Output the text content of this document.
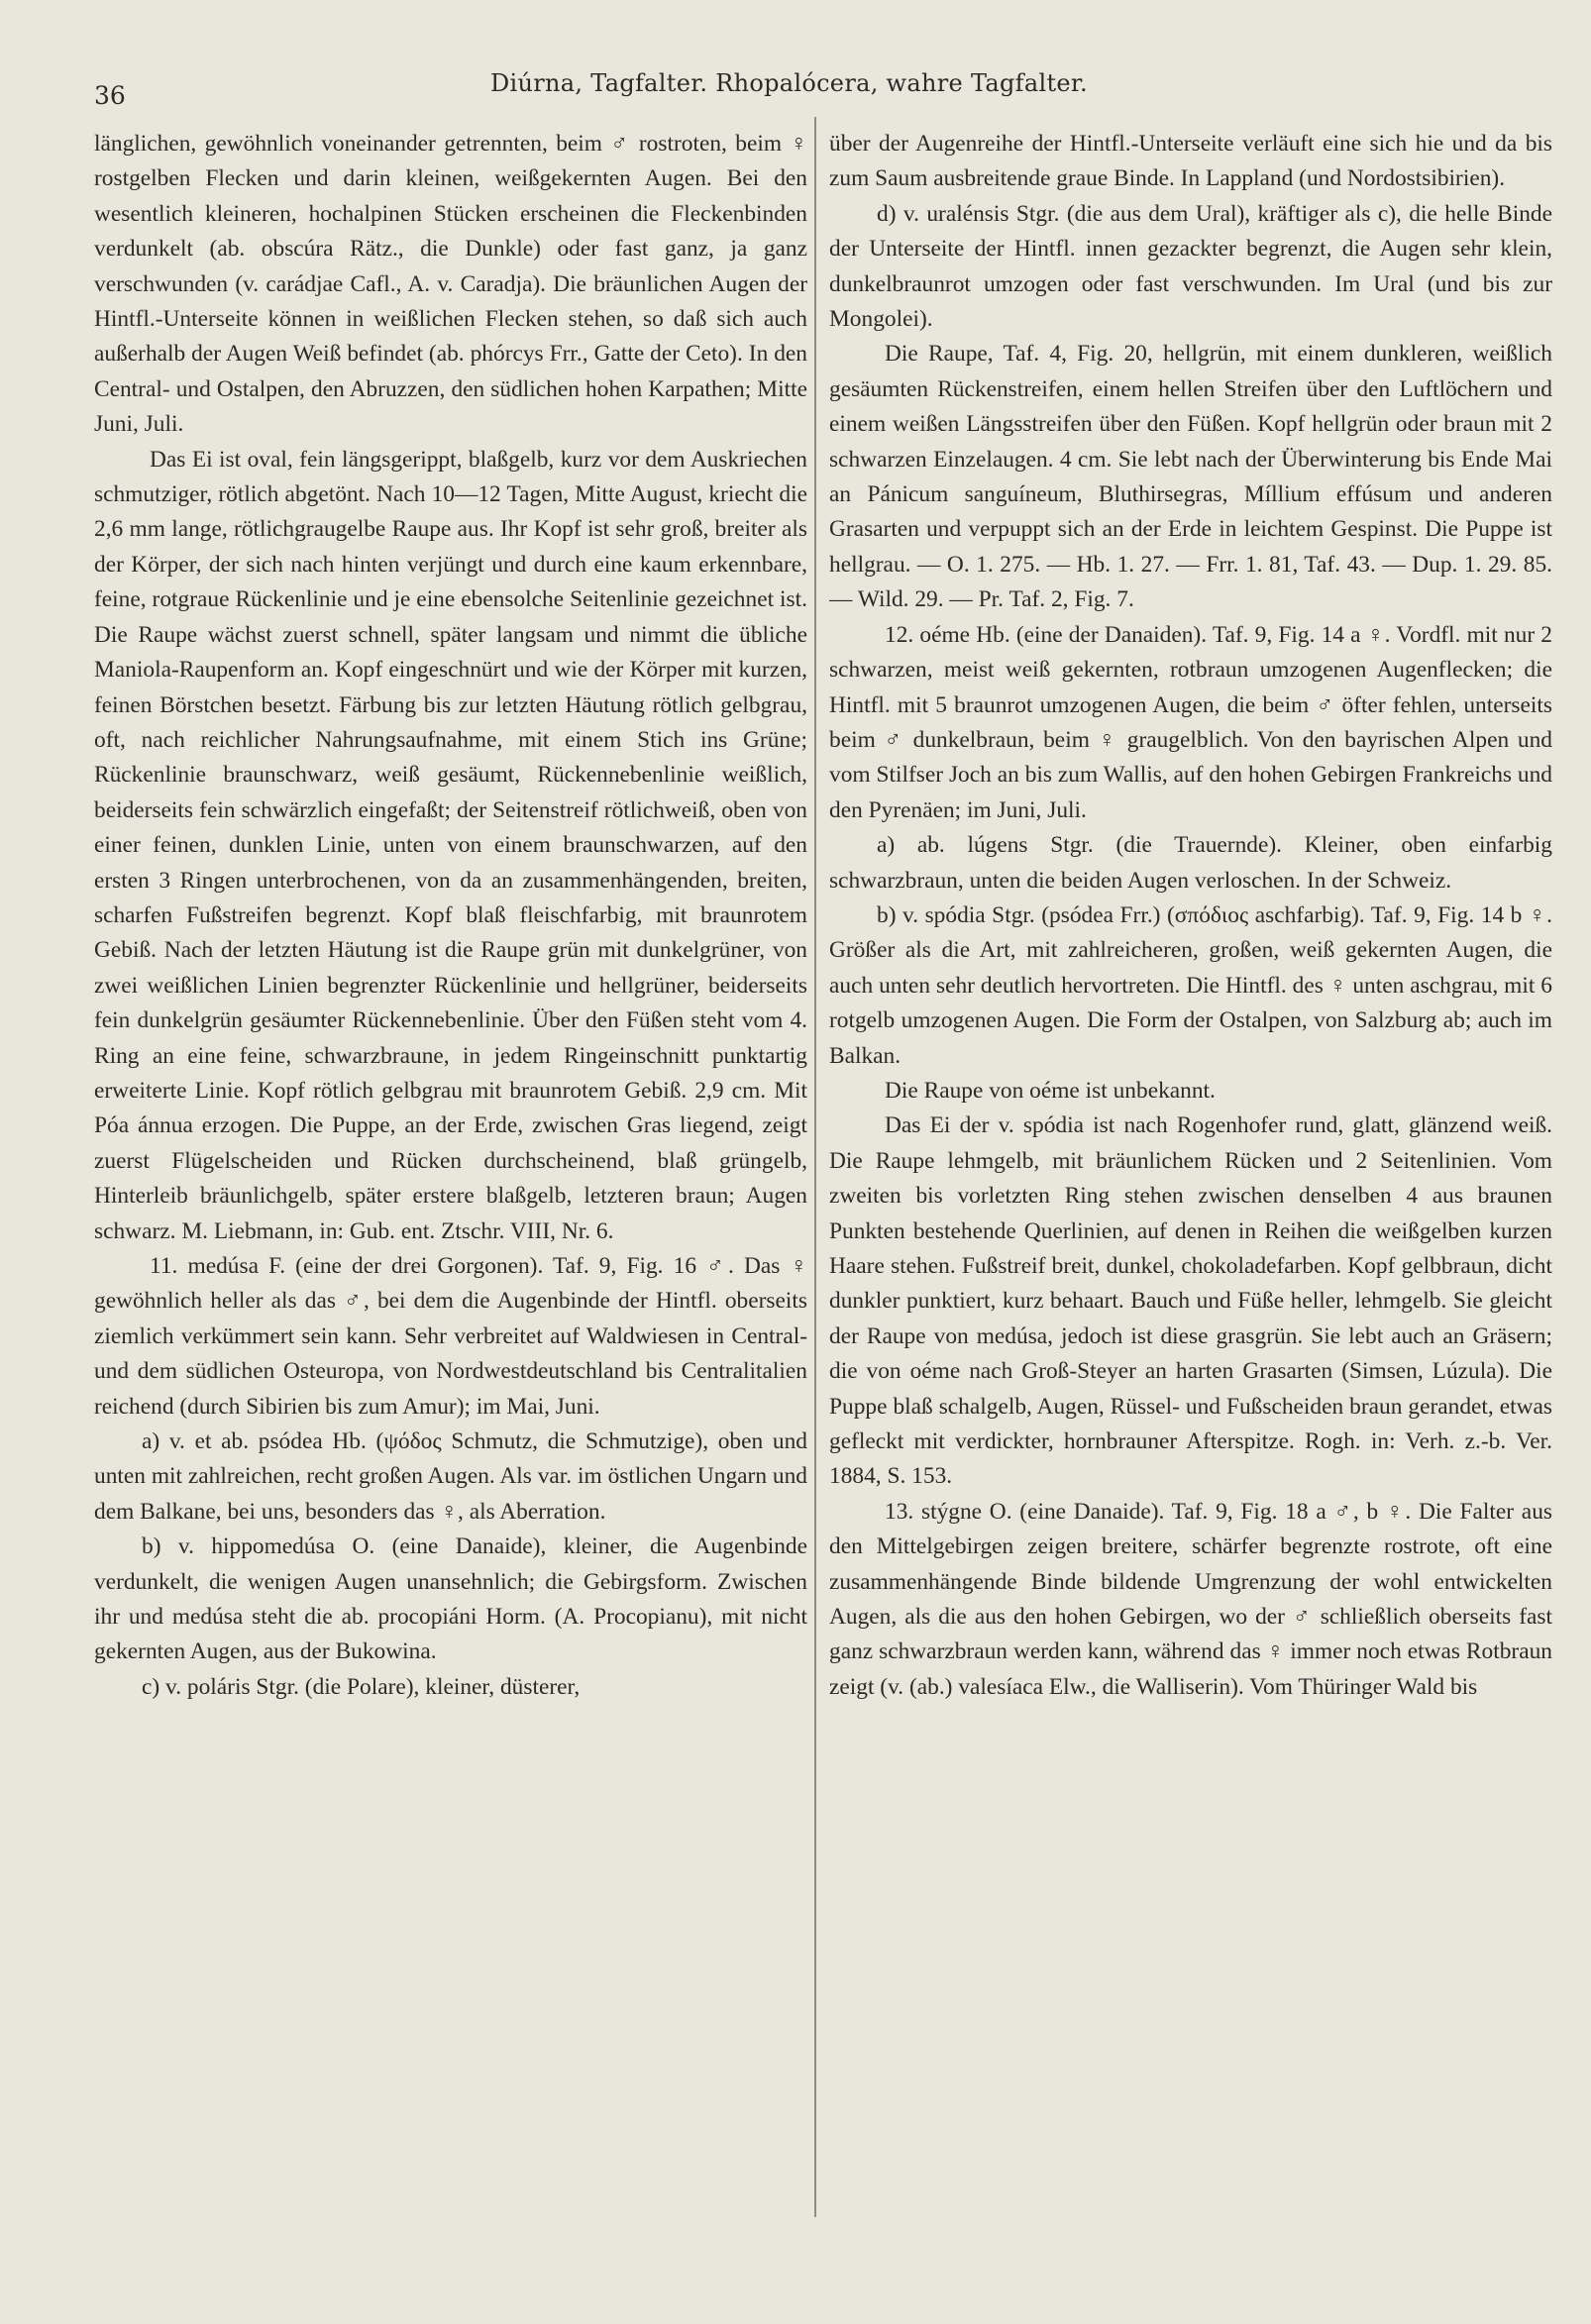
36	Diúrna, Tagfalter. Rhopalócera, wahre Tagfalter.

länglichen, gewöhnlich voneinander getrennten, beim ♂ rostroten, beim ♀ rostgelben Flecken und darin kleinen, weißgekernten Augen. Bei den wesentlich kleineren, hochalpinen Stücken erscheinen die Fleckenbinden verdunkelt (ab. obscúra Rätz., die Dunkle) oder fast ganz, ja ganz verschwunden (v. carádjae Cafl., A. v. Caradja). Die bräunlichen Augen der Hintfl.-Unterseite können in weißlichen Flecken stehen, so daß sich auch außerhalb der Augen Weiß befindet (ab. phórcys Frr., Gatte der Ceto). In den Central- und Ostalpen, den Abruzzen, den südlichen hohen Karpathen; Mitte Juni, Juli.

Das Ei ist oval, fein längsgerippt, blaßgelb, kurz vor dem Auskriechen schmutziger, rötlich abgetönt. Nach 10—12 Tagen, Mitte August, kriecht die 2,6 mm lange, rötlichgraugelbe Raupe aus. Ihr Kopf ist sehr groß, breiter als der Körper, der sich nach hinten verjüngt und durch eine kaum erkennbare, feine, rotgraue Rückenlinie und je eine ebensolche Seitenlinie gezeichnet ist. Die Raupe wächst zuerst schnell, später langsam und nimmt die übliche Maniola-Raupenform an. Kopf eingeschnürt und wie der Körper mit kurzen, feinen Börstchen besetzt. Färbung bis zur letzten Häutung rötlich gelbgrau, oft, nach reichlicher Nahrungsaufnahme, mit einem Stich ins Grüne; Rückenlinie braunschwarz, weiß gesäumt, Rückennebenlinie weißlich, beiderseits fein schwärzlich eingefaßt; der Seitenstreif rötlichweiß, oben von einer feinen, dunklen Linie, unten von einem braunschwarzen, auf den ersten 3 Ringen unterbrochenen, von da an zusammenhängenden, breiten, scharfen Fußstreifen begrenzt. Kopf blaß fleischfarbig, mit braunrotem Gebiß. Nach der letzten Häutung ist die Raupe grün mit dunkelgrüner, von zwei weißlichen Linien begrenzter Rückenlinie und hellgrüner, beiderseits fein dunkelgrün gesäumter Rückennebenlinie. Über den Füßen steht vom 4. Ring an eine feine, schwarzbraune, in jedem Ringeinschnitt punktartig erweiterte Linie. Kopf rötlich gelbgrau mit braunrotem Gebiß. 2,9 cm. Mit Póa ánnua erzogen. Die Puppe, an der Erde, zwischen Gras liegend, zeigt zuerst Flügelscheiden und Rücken durchscheinend, blaß grüngelb, Hinterleib bräunlichgelb, später erstere blaßgelb, letzteren braun; Augen schwarz. M. Liebmann, in: Gub. ent. Ztschr. VIII, Nr. 6.

11. medúsa F. (eine der drei Gorgonen). Taf. 9, Fig. 16 ♂. Das ♀ gewöhnlich heller als das ♂, bei dem die Augenbinde der Hintfl. oberseits ziemlich verkümmert sein kann. Sehr verbreitet auf Waldwiesen in Central- und dem südlichen Osteuropa, von Nordwestdeutschland bis Centralitalien reichend (durch Sibirien bis zum Amur); im Mai, Juni.

a) v. et ab. psódea Hb. (ψόδος Schmutz, die Schmutzige), oben und unten mit zahlreichen, recht großen Augen. Als var. im östlichen Ungarn und dem Balkane, bei uns, besonders das ♀, als Aberration.

b) v. hippomedúsa O. (eine Danaide), kleiner, die Augenbinde verdunkelt, die wenigen Augen unansehnlich; die Gebirgsform. Zwischen ihr und medúsa steht die ab. procopiáni Horm. (A. Procopianu), mit nicht gekernten Augen, aus der Bukowina.

c) v. poláris Stgr. (die Polare), kleiner, düsterer,

über der Augenreihe der Hintfl.-Unterseite verläuft eine sich hie und da bis zum Saum ausbreitende graue Binde. In Lappland (und Nordostsibirien).

d) v. uralénsis Stgr. (die aus dem Ural), kräftiger als c), die helle Binde der Unterseite der Hintfl. innen gezackter begrenzt, die Augen sehr klein, dunkelbraunrot umzogen oder fast verschwunden. Im Ural (und bis zur Mongolei).

Die Raupe, Taf. 4, Fig. 20, hellgrün, mit einem dunkleren, weißlich gesäumten Rückenstreifen, einem hellen Streifen über den Luftlöchern und einem weißen Längsstreifen über den Füßen. Kopf hellgrün oder braun mit 2 schwarzen Einzelaugen. 4 cm. Sie lebt nach der Überwinterung bis Ende Mai an Pánicum sanguíneum, Bluthirsegras, Míllium effúsum und anderen Grasarten und verpuppt sich an der Erde in leichtem Gespinst. Die Puppe ist hellgrau. — O. 1. 275. — Hb. 1. 27. — Frr. 1. 81, Taf. 43. — Dup. 1. 29. 85. — Wild. 29. — Pr. Taf. 2, Fig. 7.

12. oéme Hb. (eine der Danaiden). Taf. 9, Fig. 14 a ♀. Vordfl. mit nur 2 schwarzen, meist weiß gekernten, rotbraun umzogenen Augenflecken; die Hintfl. mit 5 braunrot umzogenen Augen, die beim ♂ öfter fehlen, unterseits beim ♂ dunkelbraun, beim ♀ graugelblich. Von den bayrischen Alpen und vom Stilfser Joch an bis zum Wallis, auf den hohen Gebirgen Frankreichs und den Pyrenäen; im Juni, Juli.

a) ab. lúgens Stgr. (die Trauernde). Kleiner, oben einfarbig schwarzbraun, unten die beiden Augen verloschen. In der Schweiz.

b) v. spódia Stgr. (psódea Frr.) (σπόδιος aschfarbig). Taf. 9, Fig. 14 b ♀. Größer als die Art, mit zahlreicheren, großen, weiß gekernten Augen, die auch unten sehr deutlich hervortreten. Die Hintfl. des ♀ unten aschgrau, mit 6 rotgelb umzogenen Augen. Die Form der Ostalpen, von Salzburg ab; auch im Balkan.

Die Raupe von oéme ist unbekannt.

Das Ei der v. spódia ist nach Rogenhofer rund, glatt, glänzend weiß. Die Raupe lehmgelb, mit bräunlichem Rücken und 2 Seitenlinien. Vom zweiten bis vorletzten Ring stehen zwischen denselben 4 aus braunen Punkten bestehende Querlinien, auf denen in Reihen die weißgelben kurzen Haare stehen. Fußstreif breit, dunkel, chokoladefarben. Kopf gelbbraun, dicht dunkler punktiert, kurz behaart. Bauch und Füße heller, lehmgelb. Sie gleicht der Raupe von medúsa, jedoch ist diese grasgrün. Sie lebt auch an Gräsern; die von oéme nach Groß-Steyer an harten Grasarten (Simsen, Lúzula). Die Puppe blaß schalgelb, Augen, Rüssel- und Fußscheiden braun gerandet, etwas gefleckt mit verdickter, hornbrauner Afterspitze. Rogh. in: Verh. z.-b. Ver. 1884, S. 153.

13. stýgne O. (eine Danaide). Taf. 9, Fig. 18 a ♂, b ♀. Die Falter aus den Mittelgebirgen zeigen breitere, schärfer begrenzte rostrote, oft eine zusammenhängende Binde bildende Umgrenzung der wohl entwickelten Augen, als die aus den hohen Gebirgen, wo der ♂ schließlich oberseits fast ganz schwarzbraun werden kann, während das ♀ immer noch etwas Rotbraun zeigt (v. (ab.) valesíaca Elw., die Walliserin). Vom Thüringer Wald bis
